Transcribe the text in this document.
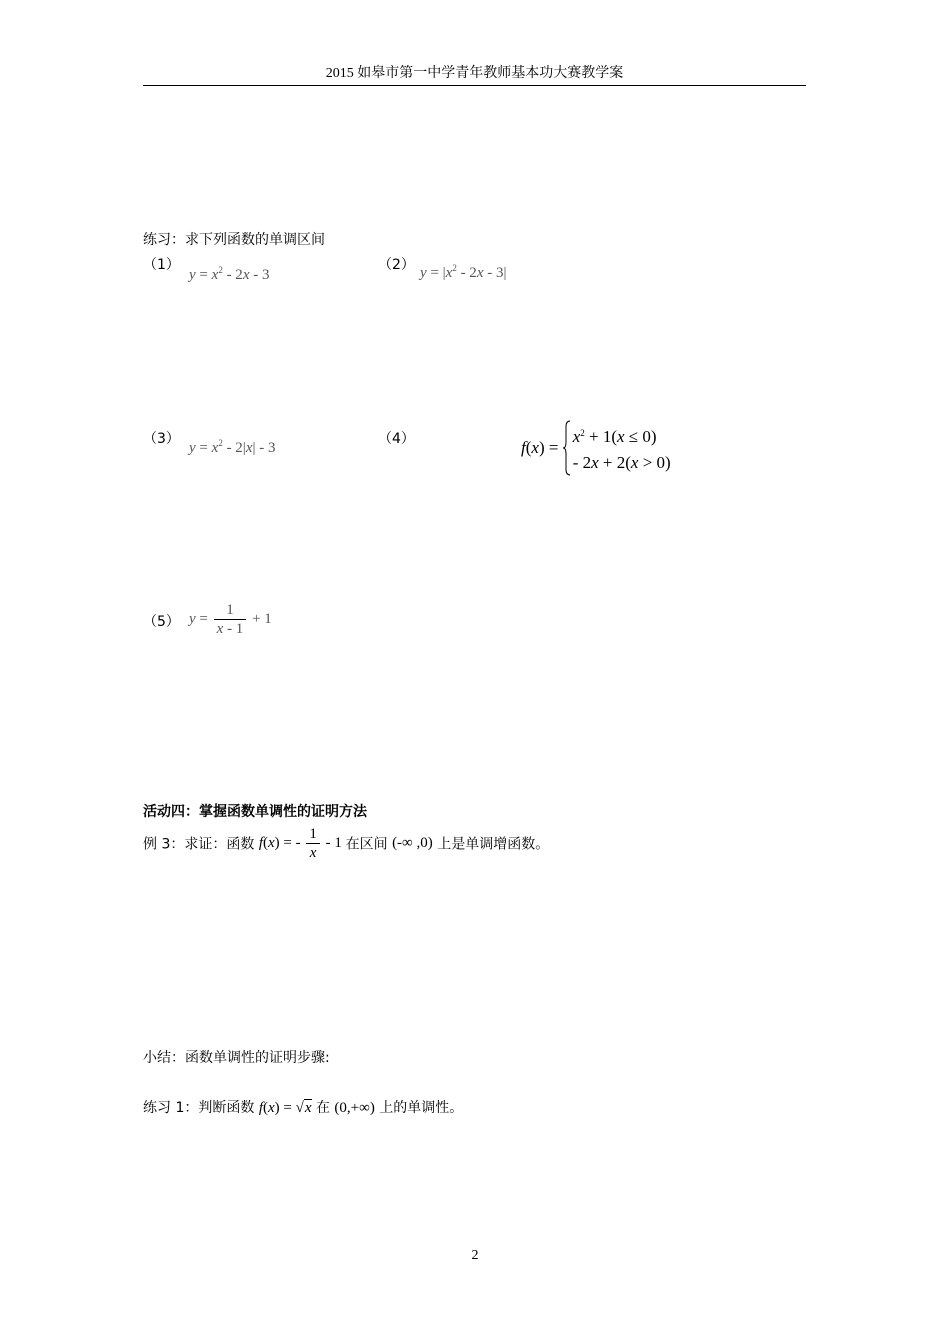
2015 如皋市第一中学青年教师基本功大赛教学案
练习：求下列函数的单调区间
（1）
$y = x^2 - 2x - 3$
（2） $y = |x^2 - 2x - 3|$
（3）
$y = x^2 - 2|x| - 3$
（4）	f(x) =
$x^2 + 1(x \le 0)$
- 2x + 2(x > 0)
（5） $y = \frac{1}{x - 1} + 1$
活动四：掌握函数单调性的证明方法
例 3：求证：函数 f(x) = - $\frac{1}{x} - 1$ 在区间 (-∞ ,0) 上是单调增函数。
小结：函数单调性的证明步骤:
练习 1：判断函数 f(x) = √x 在 (0,+∞) 上的单调性。
2
